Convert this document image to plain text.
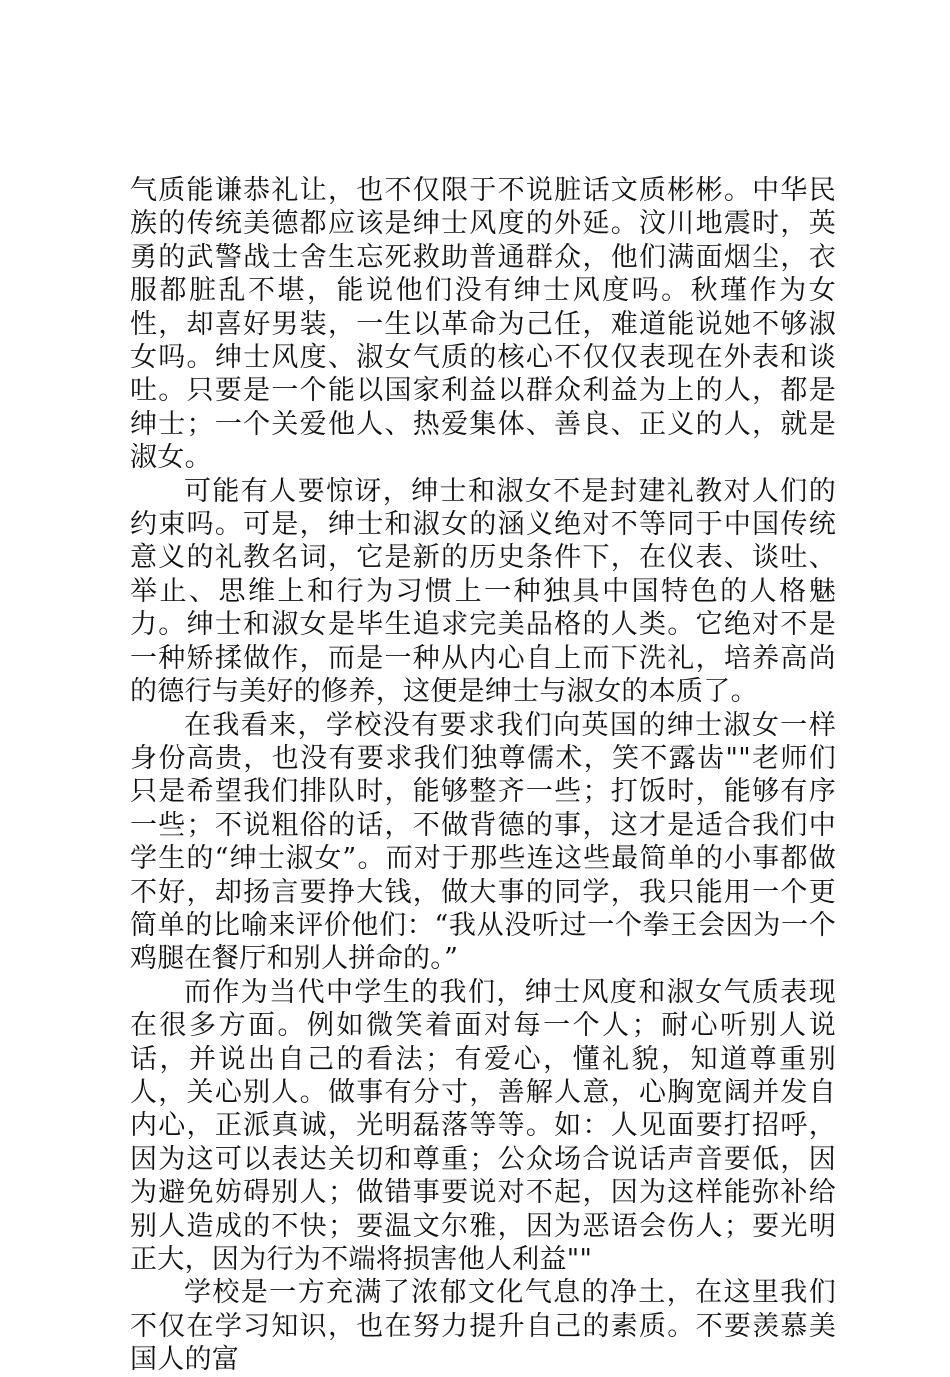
气质能谦恭礼让，也不仅限于不说脏话文质彬彬。中华民族的传统美德都应该是绅士风度的外延。汶川地震时，英勇的武警战士舍生忘死救助普通群众，他们满面烟尘，衣服都脏乱不堪，能说他们没有绅士风度吗。秋瑾作为女性，却喜好男装，一生以革命为己任，难道能说她不够淑女吗。绅士风度、淑女气质的核心不仅仅表现在外表和谈吐。只要是一个能以国家利益以群众利益为上的人，都是绅士；一个关爱他人、热爱集体、善良、正义的人，就是淑女。

可能有人要惊讶，绅士和淑女不是封建礼教对人们的约束吗。可是，绅士和淑女的涵义绝对不等同于中国传统意义的礼教名词，它是新的历史条件下，在仪表、谈吐、举止、思维上和行为习惯上一种独具中国特色的人格魅力。绅士和淑女是毕生追求完美品格的人类。它绝对不是一种矫揉做作，而是一种从内心自上而下洗礼，培养高尚的德行与美好的修养，这便是绅士与淑女的本质了。

在我看来，学校没有要求我们向英国的绅士淑女一样身份高贵，也没有要求我们独尊儒术，笑不露齿""老师们只是希望我们排队时，能够整齐一些；打饭时，能够有序一些；不说粗俗的话，不做背德的事，这才是适合我们中学生的“绅士淑女”。而对于那些连这些最简单的小事都做不好，却扬言要挣大钱，做大事的同学，我只能用一个更简单的比喻来评价他们：“我从没听过一个拳王会因为一个鸡腿在餐厅和别人拼命的。”

而作为当代中学生的我们，绅士风度和淑女气质表现在很多方面。例如微笑着面对每一个人；耐心听别人说话，并说出自己的看法；有爱心，懂礼貌，知道尊重别人，关心别人。做事有分寸，善解人意，心胸宽阔并发自内心，正派真诚，光明磊落等等。如：人见面要打招呼，因为这可以表达关切和尊重；公众场合说话声音要低，因为避免妨碍别人；做错事要说对不起，因为这样能弥补给别人造成的不快；要温文尔雅，因为恶语会伤人；要光明正大，因为行为不端将损害他人利益""

学校是一方充满了浓郁文化气息的净土，在这里我们不仅在学习知识，也在努力提升自己的素质。不要羡慕美国人的富
